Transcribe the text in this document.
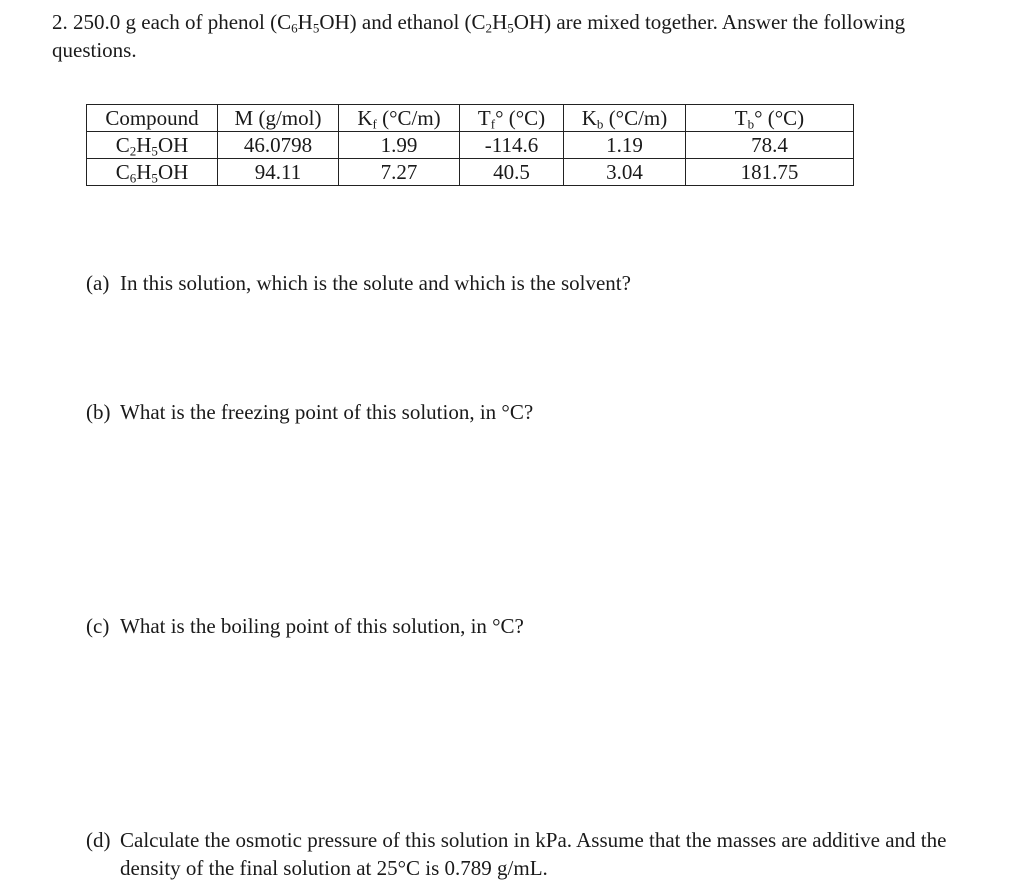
2. 250.0 g each of phenol $(C_6H_5OH)$ and ethanol $(C_2H_5OH)$ are mixed together. Answer the following questions.

Compound	M (g/mol)	$K_f$ (°C/m)	$T_f^\circ$ (°C)	$K_b$ (°C/m)	$T_b^\circ$ (°C)
$C_2H_5OH$	46.0798	1.99	-114.6	1.19	78.4
$C_6H_5OH$	94.11	7.27	40.5	3.04	181.75

(a) In this solution, which is the solute and which is the solvent?

(b) What is the freezing point of this solution, in °C?

(c) What is the boiling point of this solution, in °C?

(d) Calculate the osmotic pressure of this solution in kPa. Assume that the masses are additive and the density of the final solution at 25°C is 0.789 g/mL.
